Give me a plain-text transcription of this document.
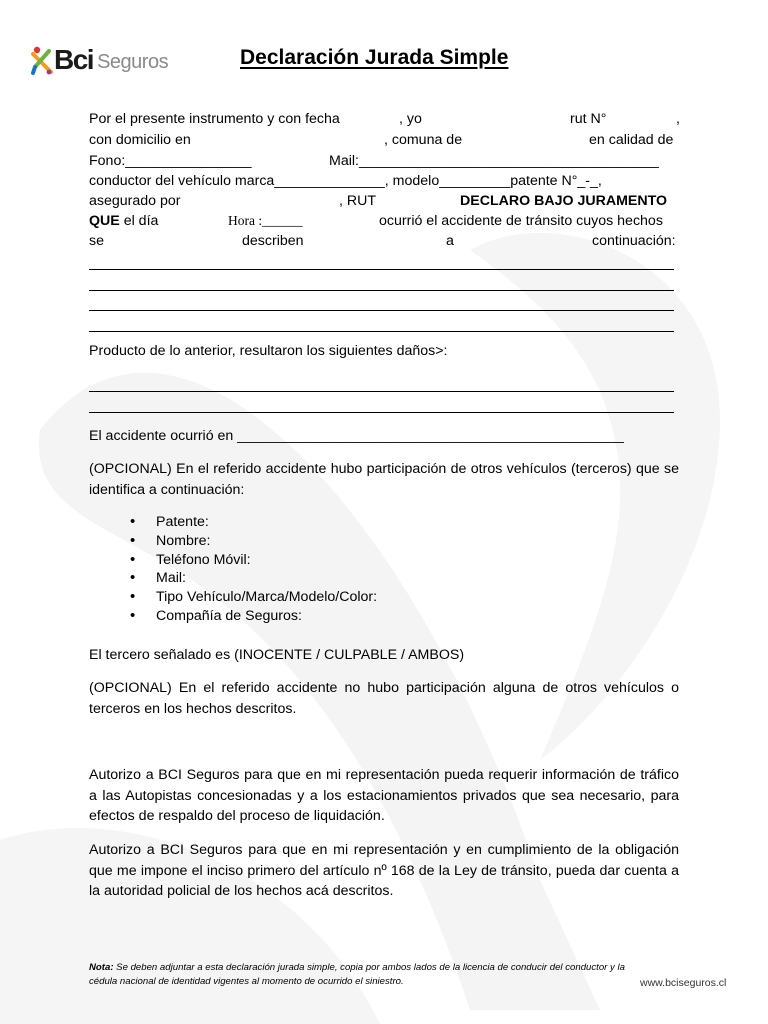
Bci Seguros	Declaración Jurada Simple
Por el presente instrumento y con fecha	, yo	rut N°	,
con domicilio en	, comuna de	en calidad de
Fono:________________	Mail:______________________________________
conductor del vehículo marca______________, modelo_________patente N°_-_,
asegurado por	, RUT	DECLARO BAJO JURAMENTO
QUE el día	Hora :______	ocurrió el accidente de tránsito cuyos hechos
se	describen	a	continuación:
Producto de lo anterior, resultaron los siguientes daños>:
El accidente ocurrió en _________________________________________________
(OPCIONAL) En el referido accidente hubo participación de otros vehículos (terceros) que se identifica a continuación:
• Patente:
• Nombre:
• Teléfono Móvil:
• Mail:
• Tipo Vehículo/Marca/Modelo/Color:
• Compañía de Seguros:
El tercero señalado es (INOCENTE / CULPABLE / AMBOS)
(OPCIONAL) En el referido accidente no hubo participación alguna de otros vehículos o terceros en los hechos descritos.
Autorizo a BCI Seguros para que en mi representación pueda requerir información de tráfico a las Autopistas concesionadas y a los estacionamientos privados que sea necesario, para efectos de respaldo del proceso de liquidación.
Autorizo a BCI Seguros para que en mi representación y en cumplimiento de la obligación que me impone el inciso primero del artículo nº 168 de la Ley de tránsito, pueda dar cuenta a la autoridad policial de los hechos acá descritos.
Nota: Se deben adjuntar a esta declaración jurada simple, copia por ambos lados de la licencia de conducir del conductor y la cédula nacional de identidad vigentes al momento de ocurrido el siniestro.	www.bciseguros.cl
